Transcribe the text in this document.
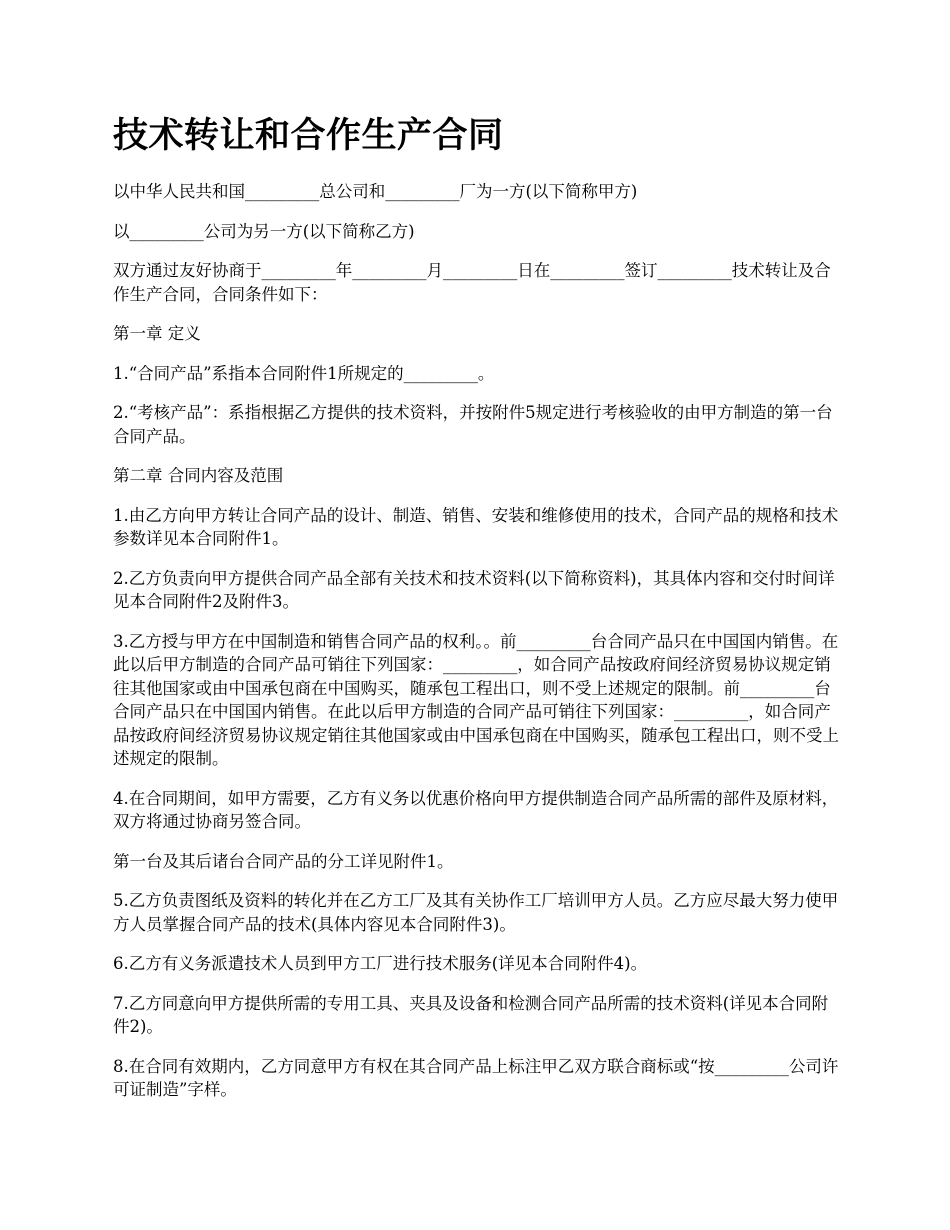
技术转让和合作生产合同

以中华人民共和国_________总公司和_________厂为一方(以下简称甲方)

以_________公司为另一方(以下简称乙方)

双方通过友好协商于_________年_________月_________日在_________签订_________技术转让及合作生产合同，合同条件如下：

第一章 定义

1.“合同产品”系指本合同附件1所规定的_________。

2.“考核产品”：系指根据乙方提供的技术资料，并按附件5规定进行考核验收的由甲方制造的第一台合同产品。

第二章 合同内容及范围

1.由乙方向甲方转让合同产品的设计、制造、销售、安装和维修使用的技术，合同产品的规格和技术参数详见本合同附件1。

2.乙方负责向甲方提供合同产品全部有关技术和技术资料(以下简称资料)，其具体内容和交付时间详见本合同附件2及附件3。

3.乙方授与甲方在中国制造和销售合同产品的权利。。前_________台合同产品只在中国国内销售。在此以后甲方制造的合同产品可销往下列国家：_________，如合同产品按政府间经济贸易协议规定销往其他国家或由中国承包商在中国购买，随承包工程出口，则不受上述规定的限制。前_________台合同产品只在中国国内销售。在此以后甲方制造的合同产品可销往下列国家：_________，如合同产品按政府间经济贸易协议规定销往其他国家或由中国承包商在中国购买，随承包工程出口，则不受上述规定的限制。

4.在合同期间，如甲方需要，乙方有义务以优惠价格向甲方提供制造合同产品所需的部件及原材料，双方将通过协商另签合同。

第一台及其后诸台合同产品的分工详见附件1。

5.乙方负责图纸及资料的转化并在乙方工厂及其有关协作工厂培训甲方人员。乙方应尽最大努力使甲方人员掌握合同产品的技术(具体内容见本合同附件3)。

6.乙方有义务派遣技术人员到甲方工厂进行技术服务(详见本合同附件4)。

7.乙方同意向甲方提供所需的专用工具、夹具及设备和检测合同产品所需的技术资料(详见本合同附件2)。

8.在合同有效期内，乙方同意甲方有权在其合同产品上标注甲乙双方联合商标或“按_________公司许可证制造”字样。
